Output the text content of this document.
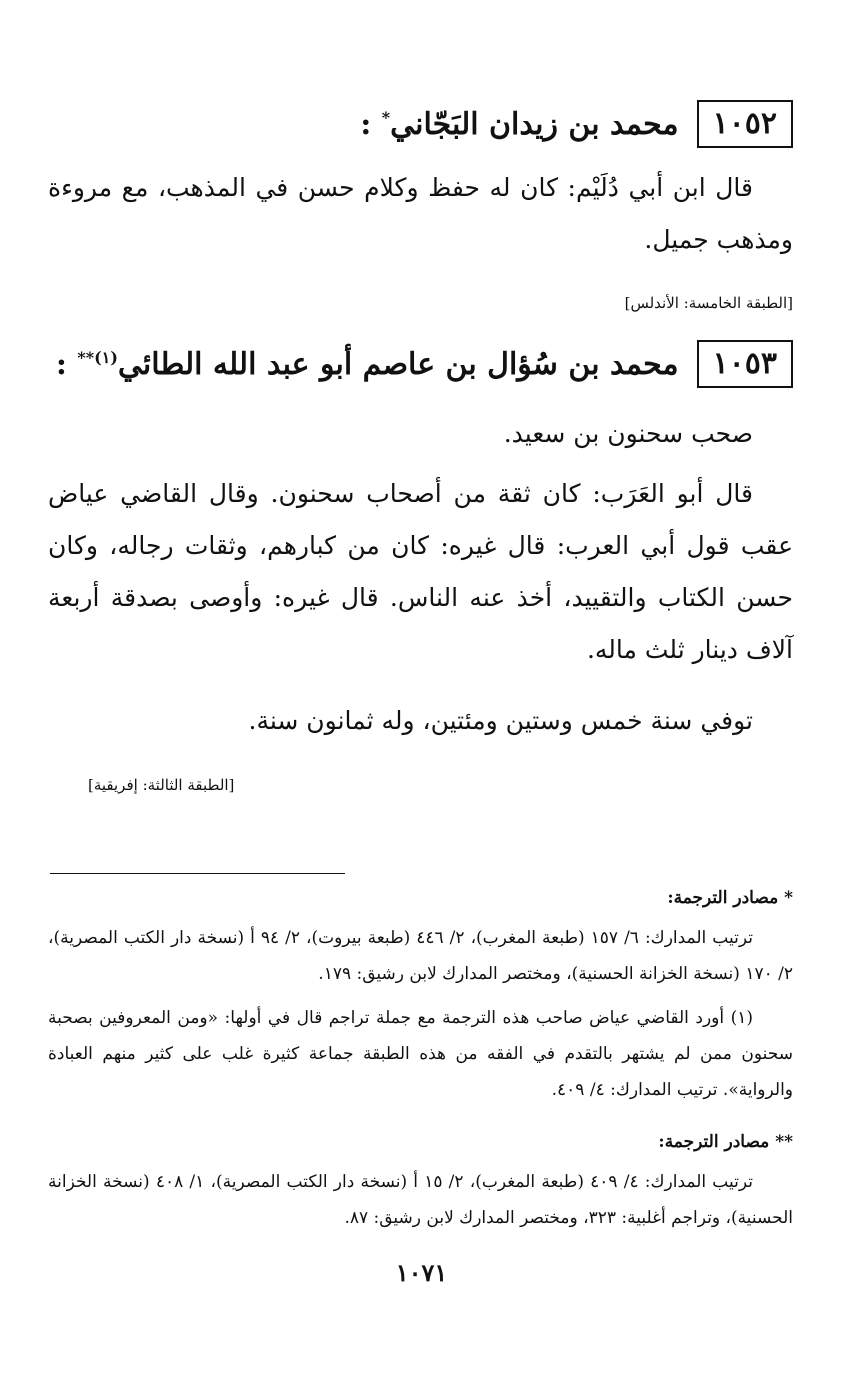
١٠٥٢
محمد بن زيدان البَجّاني* :
قال ابن أبي دُلَيْم: كان له حفظ وكلام حسن في المذهب، مع مروءة ومذهب جميل.
[الطبقة الخامسة: الأندلس]
١٠٥٣
محمد بن سُؤال بن عاصم أبو عبد الله الطائي$^{(١)**}$ :
صحب سحنون بن سعيد.
قال أبو العَرَب: كان ثقة من أصحاب سحنون. وقال القاضي عياض عقب قول أبي العرب: قال غيره: كان من كبارهم، وثقات رجاله، وكان حسن الكتاب والتقييد، أخذ عنه الناس. قال غيره: وأوصى بصدقة أربعة آلاف دينار ثلث ماله.
توفي سنة خمس وستين ومئتين، وله ثمانون سنة.
[الطبقة الثالثة: إفريقية]
* مصادر الترجمة:
ترتيب المدارك: ٦/ ١٥٧ (طبعة المغرب)، ٢/ ٤٤٦ (طبعة بيروت)، ٢/ ٩٤ أ (نسخة دار الكتب المصرية)، ٢/ ١٧٠ (نسخة الخزانة الحسنية)، ومختصر المدارك لابن رشيق: ١٧٩.
(١) أورد القاضي عياض صاحب هذه الترجمة مع جملة تراجم قال في أولها: «ومن المعروفين بصحبة سحنون ممن لم يشتهر بالتقدم في الفقه من هذه الطبقة جماعة كثيرة غلب على كثير منهم العبادة والرواية». ترتيب المدارك: ٤/ ٤٠٩.
** مصادر الترجمة:
ترتيب المدارك: ٤/ ٤٠٩ (طبعة المغرب)، ٢/ ١٥ أ (نسخة دار الكتب المصرية)، ١/ ٤٠٨ (نسخة الخزانة الحسنية)، وتراجم أغلبية: ٣٢٣، ومختصر المدارك لابن رشيق: ٨٧.
١٠٧١
